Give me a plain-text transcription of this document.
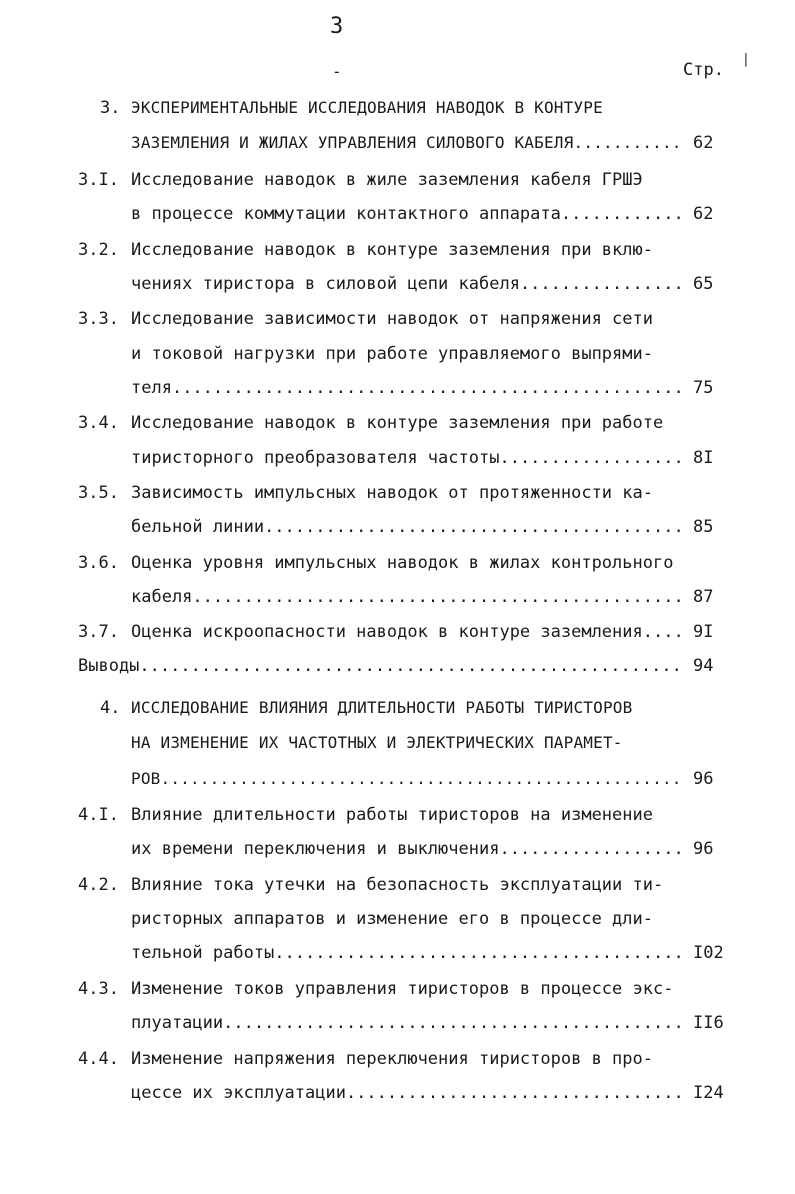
3
-	Стр.
|
3. ЭКСПЕРИМЕНТАЛЬНЫЕ ИССЛЕДОВАНИЯ НАВОДОК В КОНТУРЕ
ЗАЗЕМЛЕНИЯ И ЖИЛАХ УПРАВЛЕНИЯ СИЛОВОГО КАБЕЛЯ........... 62
3.I. Исследование наводок в жиле заземления кабеля ГРШЭ
в процессе коммутации контактного аппарата............ 62
3.2. Исследование наводок в контуре заземления при вклю-
чениях тиристора в силовой цепи кабеля................ 65
3.3. Исследование зависимости наводок от напряжения сети
и токовой нагрузки при работе управляемого выпрями-
теля.................................................. 75
3.4. Исследование наводок в контуре заземления при работе
тиристорного преобразователя частоты.................. 8I
3.5. Зависимость импульсных наводок от протяженности ка-
бельной линии......................................... 85
3.6. Оценка уровня импульсных наводок в жилах контрольного
кабеля................................................ 87
3.7. Оценка искроопасности наводок в контуре заземления.... 9I
Выводы..................................................... 94
4. ИССЛЕДОВАНИЕ ВЛИЯНИЯ ДЛИТЕЛЬНОСТИ РАБОТЫ ТИРИСТОРОВ
НА ИЗМЕНЕНИЕ ИХ ЧАСТОТНЫХ И ЭЛЕКТРИЧЕСКИХ ПАРАМЕТ-
РОВ..................................................... 96
4.I. Влияние длительности работы тиристоров на изменение
их времени переключения и выключения.................. 96
4.2. Влияние тока утечки на безопасность эксплуатации ти-
ристорных аппаратов и изменение его в процессе дли-
тельной работы........................................ I02
4.3. Изменение токов управления тиристоров в процессе экс-
плуатации............................................. II6
4.4. Изменение напряжения переключения тиристоров в про-
цессе их эксплуатации................................. I24
